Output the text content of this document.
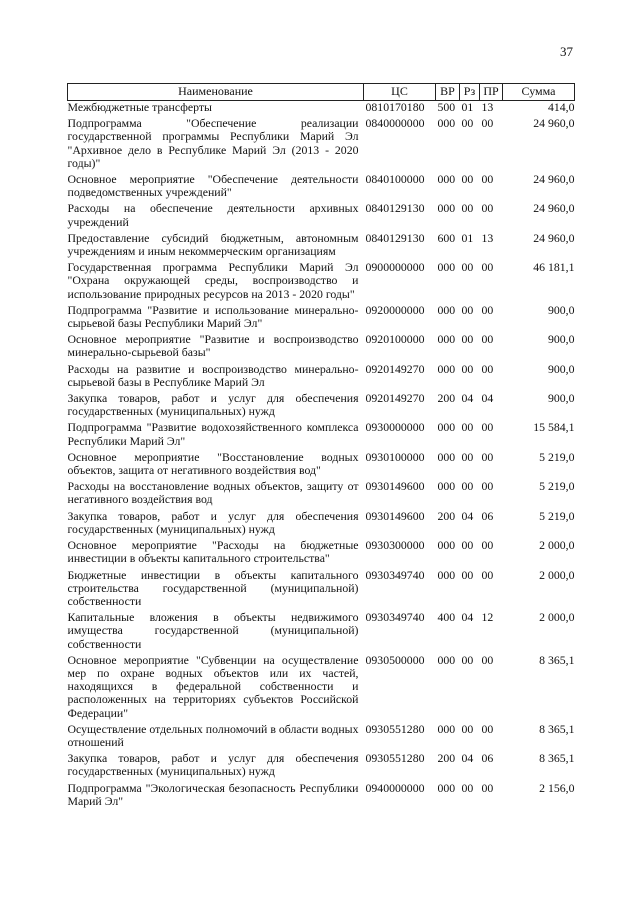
37
Наименование	ЦС	ВР	Рз	ПР	Сумма
Межбюджетные трансферты	0810170180	500	01	13	414,0
Подпрограмма "Обеспечение реализации государственной программы Республики Марий Эл "Архивное дело в Республике Марий Эл (2013 - 2020 годы)"	0840000000	000	00	00	24 960,0
Основное мероприятие "Обеспечение деятельности подведомственных учреждений"	0840100000	000	00	00	24 960,0
Расходы на обеспечение деятельности архивных учреждений	0840129130	000	00	00	24 960,0
Предоставление субсидий бюджетным, автономным учреждениям и иным некоммерческим организациям	0840129130	600	01	13	24 960,0
Государственная программа Республики Марий Эл "Охрана окружающей среды, воспроизводство и использование природных ресурсов на 2013 - 2020 годы"	0900000000	000	00	00	46 181,1
Подпрограмма "Развитие и использование минерально-сырьевой базы Республики Марий Эл"	0920000000	000	00	00	900,0
Основное мероприятие "Развитие и воспроизводство минерально-сырьевой базы"	0920100000	000	00	00	900,0
Расходы на развитие и воспроизводство минерально-сырьевой базы в Республике Марий Эл	0920149270	000	00	00	900,0
Закупка товаров, работ и услуг для обеспечения государственных (муниципальных) нужд	0920149270	200	04	04	900,0
Подпрограмма "Развитие водохозяйственного комплекса Республики Марий Эл"	0930000000	000	00	00	15 584,1
Основное мероприятие "Восстановление водных объектов, защита от негативного воздействия вод"	0930100000	000	00	00	5 219,0
Расходы на восстановление водных объектов, защиту от негативного воздействия вод	0930149600	000	00	00	5 219,0
Закупка товаров, работ и услуг для обеспечения государственных (муниципальных) нужд	0930149600	200	04	06	5 219,0
Основное мероприятие "Расходы на бюджетные инвестиции в объекты капитального строительства"	0930300000	000	00	00	2 000,0
Бюджетные инвестиции в объекты капитального строительства государственной (муниципальной) собственности	0930349740	000	00	00	2 000,0
Капитальные вложения в объекты недвижимого имущества государственной (муниципальной) собственности	0930349740	400	04	12	2 000,0
Основное мероприятие "Субвенции на осуществление мер по охране водных объектов или их частей, находящихся в федеральной собственности и расположенных на территориях субъектов Российской Федерации"	0930500000	000	00	00	8 365,1
Осуществление отдельных полномочий в области водных отношений	0930551280	000	00	00	8 365,1
Закупка товаров, работ и услуг для обеспечения государственных (муниципальных) нужд	0930551280	200	04	06	8 365,1
Подпрограмма "Экологическая безопасность Республики Марий Эл"	0940000000	000	00	00	2 156,0
